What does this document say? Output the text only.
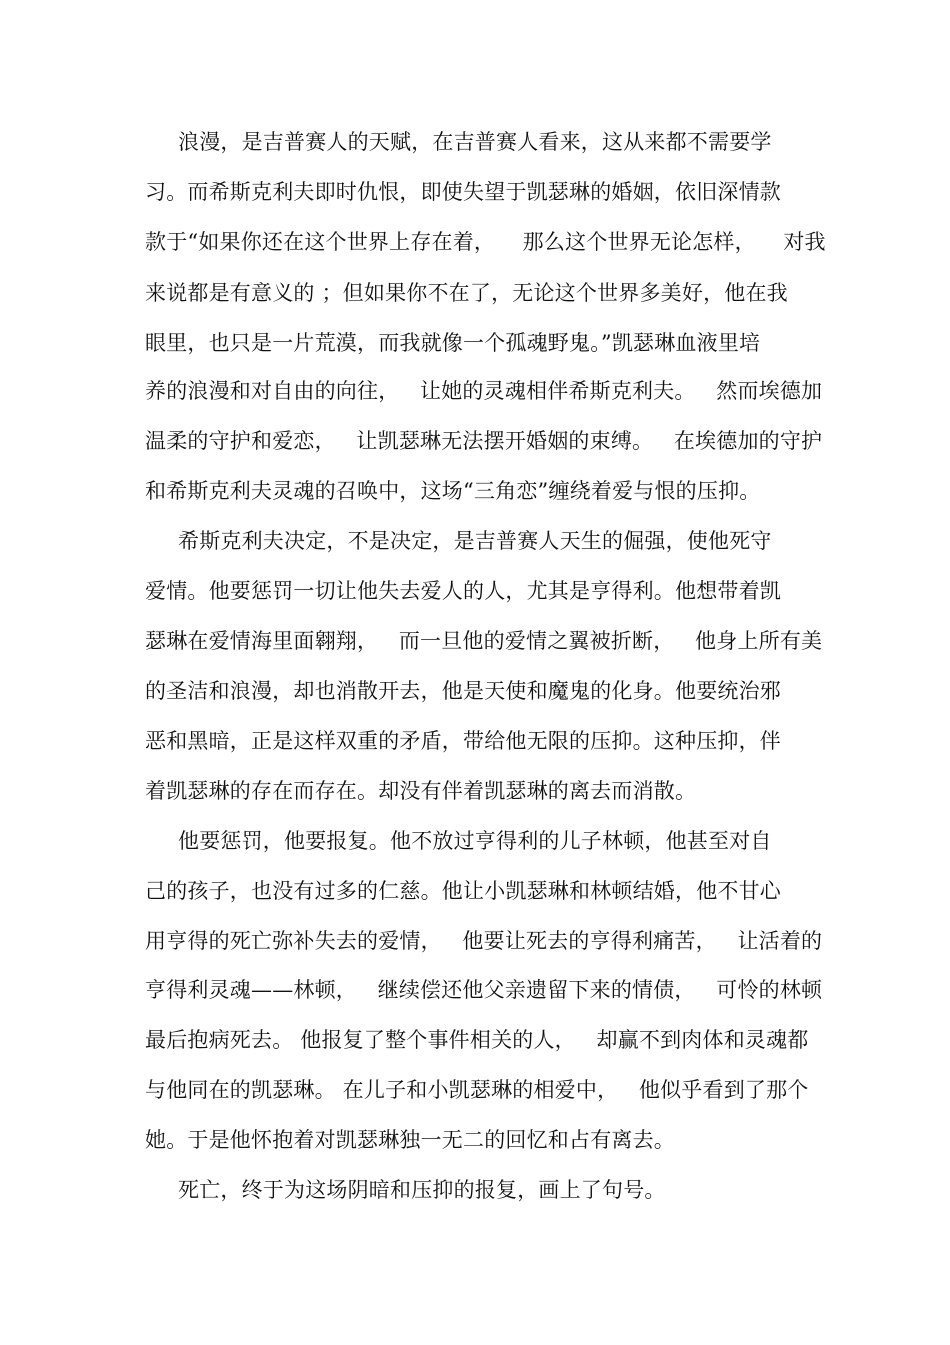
浪漫，是吉普赛人的天赋，在吉普赛人看来，这从来都不需要学
习。而希斯克利夫即时仇恨，即使失望于凯瑟琳的婚姻，依旧深情款
款于“如果你还在这个世界上存在着，    那么这个世界无论怎样，    对我
来说都是有意义的 ；但如果你不在了，无论这个世界多美好，他在我
眼里，也只是一片荒漠，而我就像一个孤魂野鬼。”凯瑟琳血液里培
养的浪漫和对自由的向往，   让她的灵魂相伴希斯克利夫。   然而埃德加
温柔的守护和爱恋，   让凯瑟琳无法摆开婚姻的束缚。   在埃德加的守护
和希斯克利夫灵魂的召唤中，这场“三角恋”缠绕着爱与恨的压抑。
希斯克利夫决定，不是决定，是吉普赛人天生的倔强，使他死守
爱情。他要惩罚一切让他失去爱人的人，尤其是亨得利。他想带着凯
瑟琳在爱情海里面翱翔，   而一旦他的爱情之翼被折断，   他身上所有美
的圣洁和浪漫，却也消散开去，他是天使和魔鬼的化身。他要统治邪
恶和黑暗，正是这样双重的矛盾，带给他无限的压抑。这种压抑，伴
着凯瑟琳的存在而存在。却没有伴着凯瑟琳的离去而消散。
他要惩罚，他要报复。他不放过亨得利的儿子林顿，他甚至对自
己的孩子，也没有过多的仁慈。他让小凯瑟琳和林顿结婚，他不甘心
用亨得的死亡弥补失去的爱情，   他要让死去的亨得利痛苦，   让活着的
亨得利灵魂——林顿，   继续偿还他父亲遗留下来的情债，   可怜的林顿
最后抱病死去。 他报复了整个事件相关的人，   却赢不到肉体和灵魂都
与他同在的凯瑟琳。 在儿子和小凯瑟琳的相爱中，   他似乎看到了那个
她。于是他怀抱着对凯瑟琳独一无二的回忆和占有离去。
死亡，终于为这场阴暗和压抑的报复，画上了句号。
